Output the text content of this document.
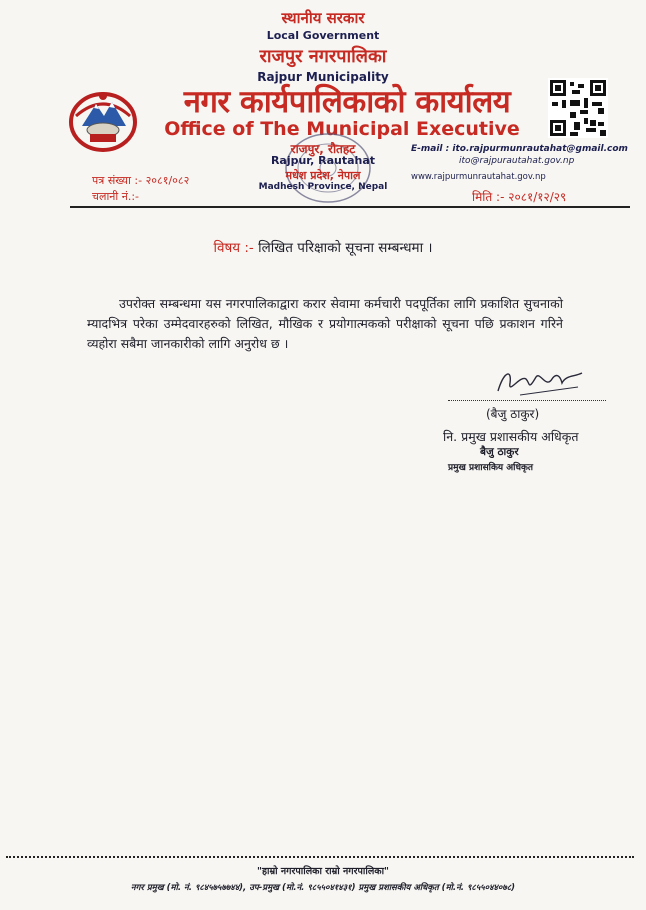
स्थानीय सरकार
Local Government
राजपुर नगरपालिका
Rajpur Municipality
नगर कार्यपालिकाको कार्यालय
Office of The Municipal Executive
राजपुर, रौतहट
Rajpur, Rautahat
मधेश प्रदेश, नेपाल
Madhesh Province, Nepal
E-mail : ito.rajpurmunrautahat@gmail.com
ito@rajpurautahat.gov.np
www.rajpurmunrautahat.gov.np
पत्र संख्या :- २०८१/०८२
चलानी नं.:-	मिति :- २०८१/१२/२९
विषय :- लिखित परिक्षाको सूचना सम्बन्धमा ।
उपरोक्त सम्बन्धमा यस नगरपालिकाद्वारा करार सेवामा कर्मचारी पदपूर्तिका लागि प्रकाशित सुचनाको म्यादभित्र परेका उम्मेदवारहरुको लिखित, मौखिक र प्रयोगात्मकको परीक्षाको सूचना पछि प्रकाशन गरिने व्यहोरा सबैमा जानकारीको लागि अनुरोध छ ।
(बैजु ठाकुर)
नि. प्रमुख प्रशासकीय अधिकृत
बैजु ठाकुर
प्रमुख प्रशासकिय अधिकृत
"हाम्रो नगरपालिका राम्रो नगरपालिका"
नगर प्रमुख (मो. नं. ९८४५७५७७४४), उप-प्रमुख (मो.नं. ९८५५०४१४३१) प्रमुख प्रशासकीय अधिकृत (मो.नं. ९८५५०४४०७८)
